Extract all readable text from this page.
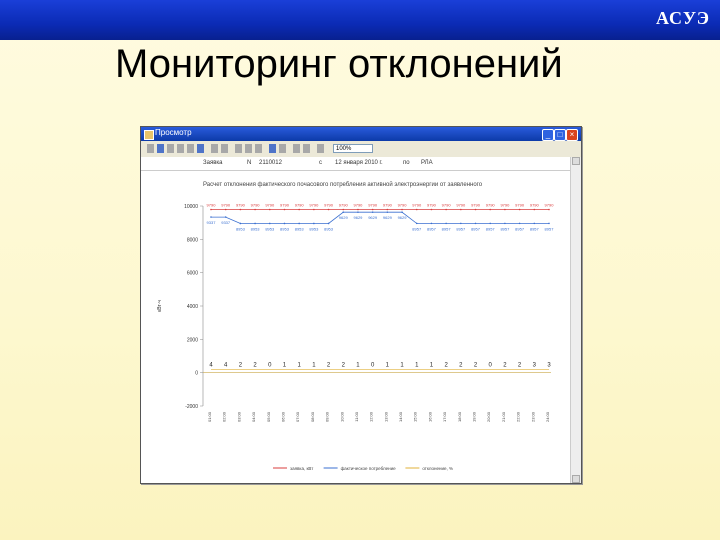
АСУЭ
Мониторинг отклонений
Просмотр	_ □ ×
100%
Заявка	N 2110012	с 12 января 2010 г.	по РЛА
Расчет отклонения фактического почасового потребления активной электроэнергии от заявленного
10000
8000
6000
4000
2000
0
-2000
кВт·ч
9790 9790 9790 9790 9790 9790 9790 9790 9790 9790 9790 9790 9790 9790 9790 9790 9790 9790 9790 9790 9790 9790 9790 9790
9337 9337
8953 8953 8953 8953 8953 8953 8953
9629 9629 9629 9629 9629
8957 8957 8957 8957 8957 8957 8957 8957 8957 8957
4 4 2 2 0 1 1 1 2 2 1 0 1 1 1 1 2 2 2 0 2 2 3 3
01:00 02:00 03:00 04:00 05:00 06:00 07:00 08:00 09:00 10:00 11:00 12:00 13:00 14:00 15:00 16:00 17:00 18:00 19:00 20:00 21:00 22:00 23:00 24:00
заявка, кВт	фактическое потребление	отклонение, %
